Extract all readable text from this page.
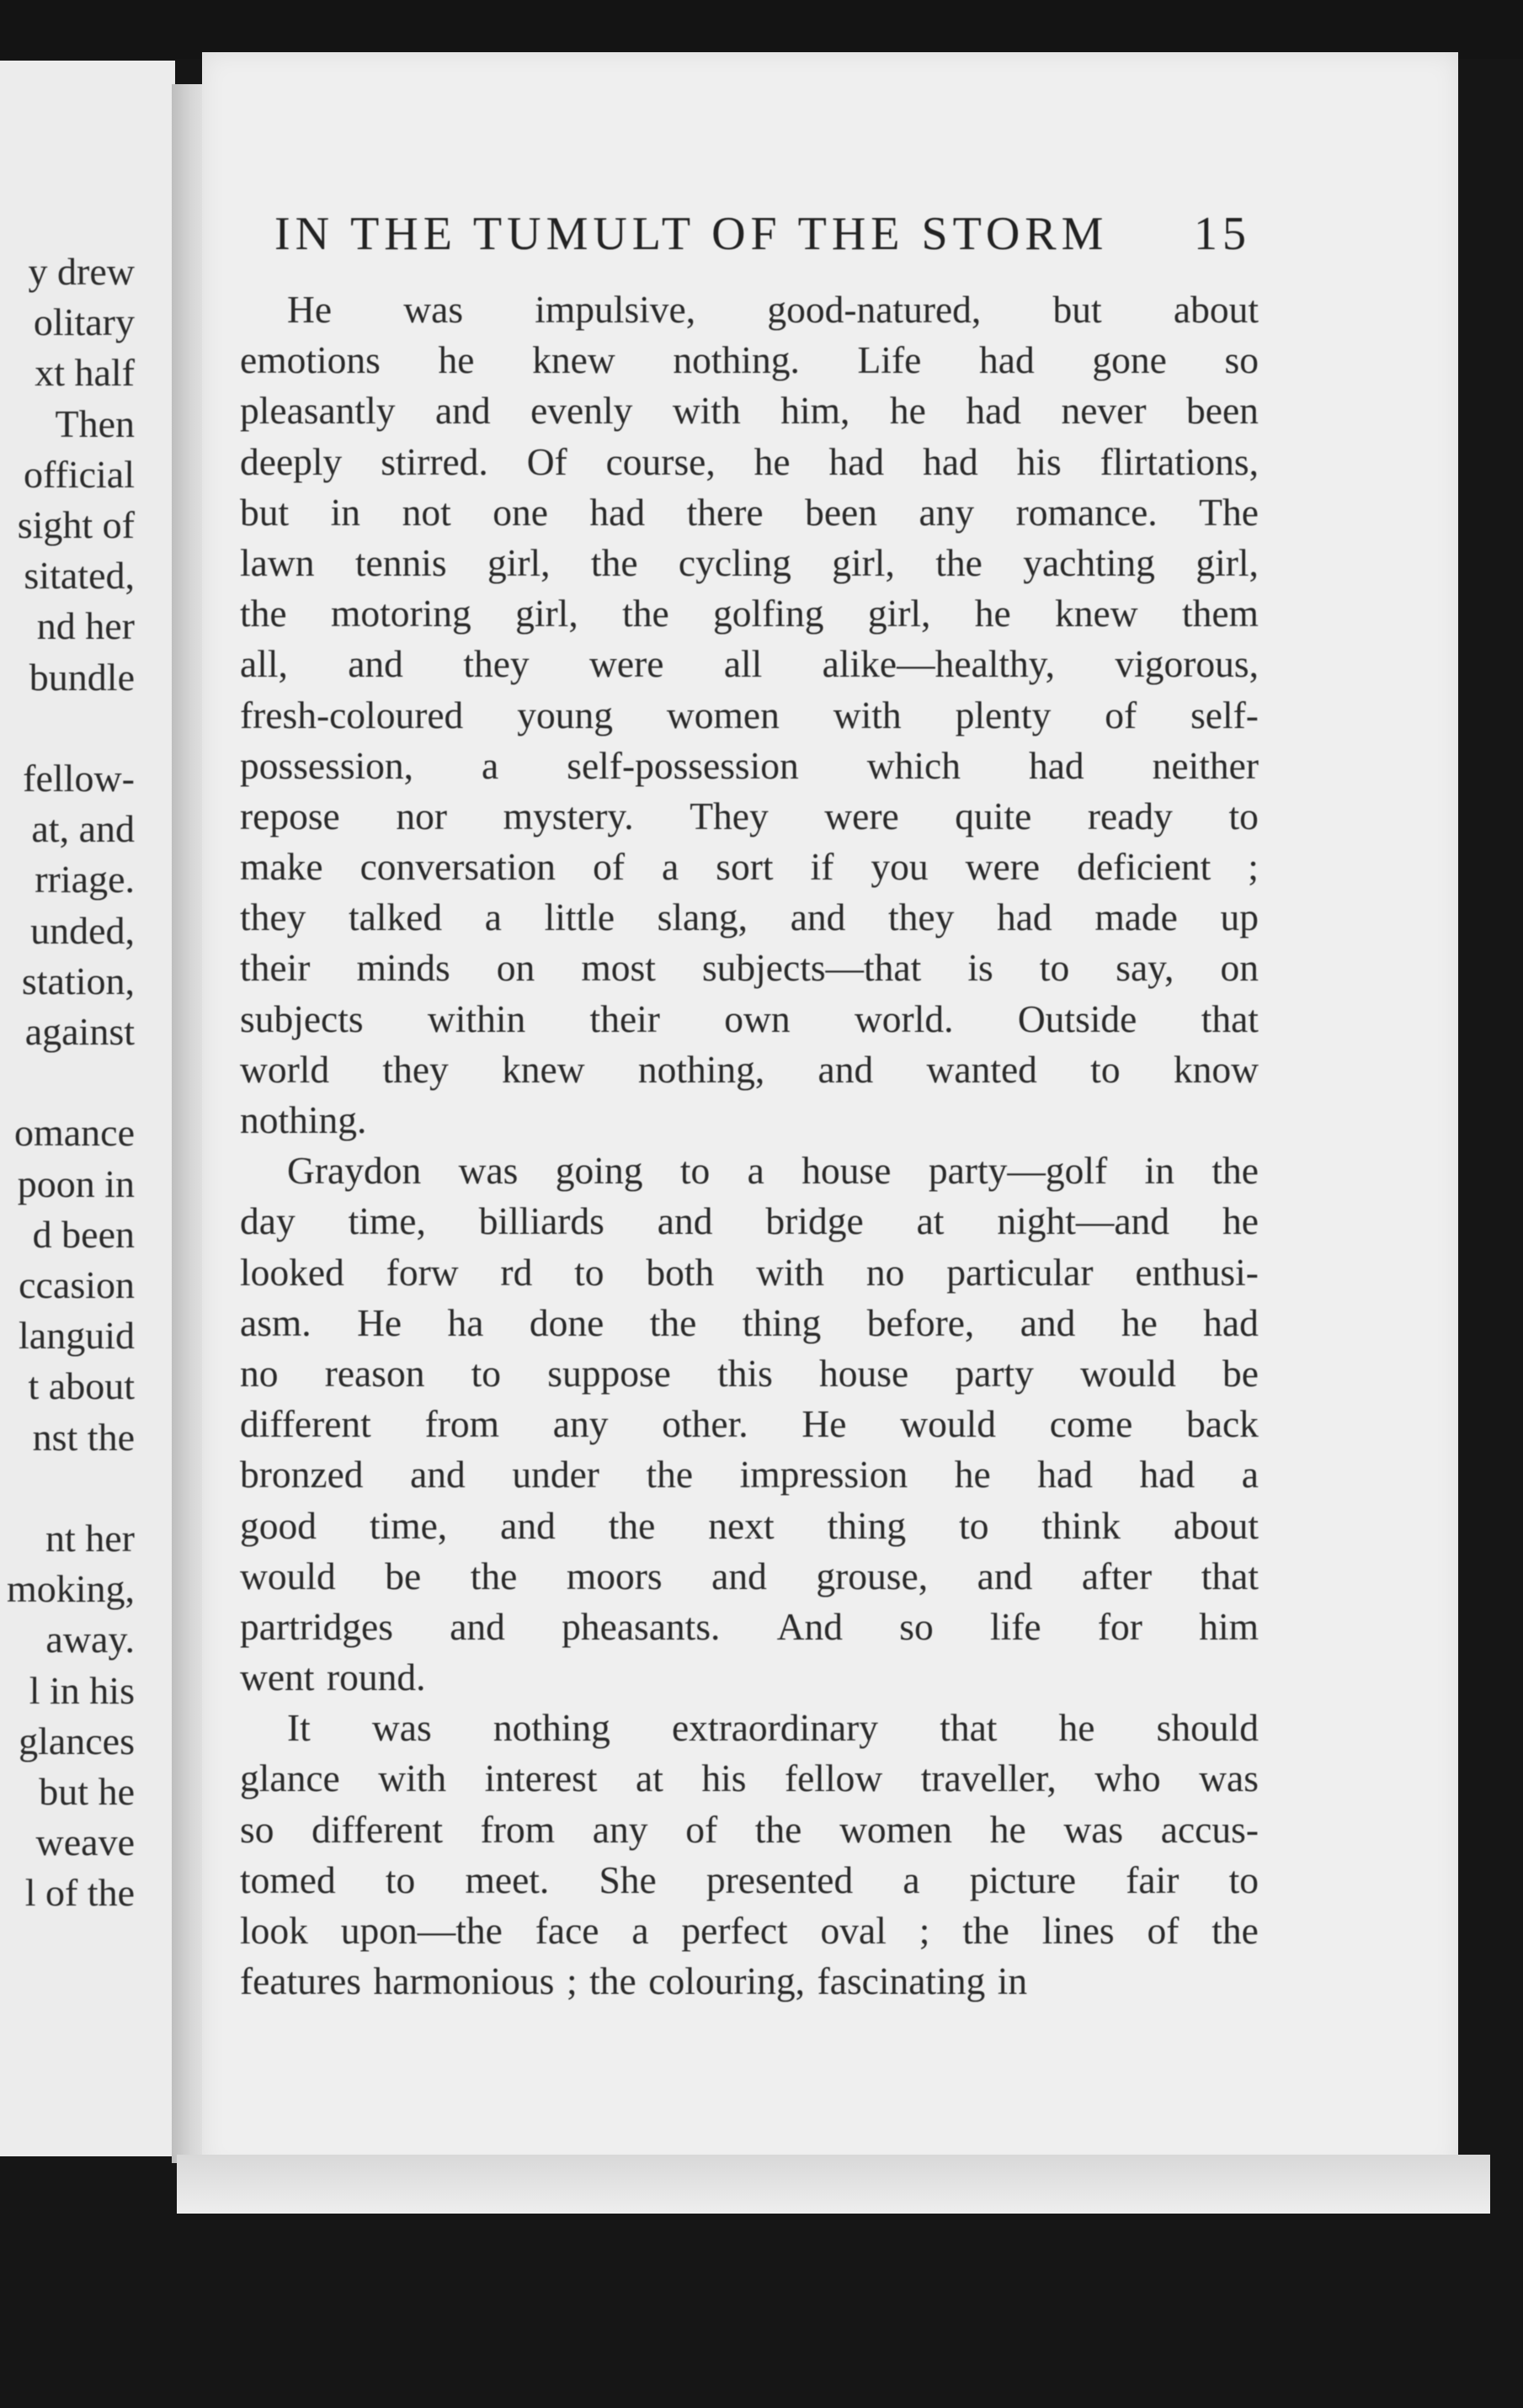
y drew
olitary
xt half
Then
official
sight of
sitated,
nd her
bundle
fellow-
at, and
rriage.
unded,
station,
against
omance
poon in
d been
ccasion
languid
t about
nst the
nt her
moking,
away.
l in his
glances
but he
weave
l of the
IN THE TUMULT OF THE STORM 15
He was impulsive, good-natured, but about
emotions he knew nothing. Life had gone so
pleasantly and evenly with him, he had never been
deeply stirred. Of course, he had had his flirtations,
but in not one had there been any romance. The
lawn tennis girl, the cycling girl, the yachting girl,
the motoring girl, the golfing girl, he knew them
all, and they were all alike—healthy, vigorous,
fresh-coloured young women with plenty of self-
possession, a self-possession which had neither
repose nor mystery. They were quite ready to
make conversation of a sort if you were deficient ;
they talked a little slang, and they had made up
their minds on most subjects—that is to say, on
subjects within their own world. Outside that
world they knew nothing, and wanted to know
nothing.
Graydon was going to a house party—golf in the
day time, billiards and bridge at night—and he
looked forw rd to both with no particular enthusi-
asm. He ha done the thing before, and he had
no reason to suppose this house party would be
different from any other. He would come back
bronzed and under the impression he had had a
good time, and the next thing to think about
would be the moors and grouse, and after that
partridges and pheasants. And so life for him
went round.
It was nothing extraordinary that he should
glance with interest at his fellow traveller, who was
so different from any of the women he was accus-
tomed to meet. She presented a picture fair to
look upon—the face a perfect oval ; the lines of the
features harmonious ; the colouring, fascinating in
